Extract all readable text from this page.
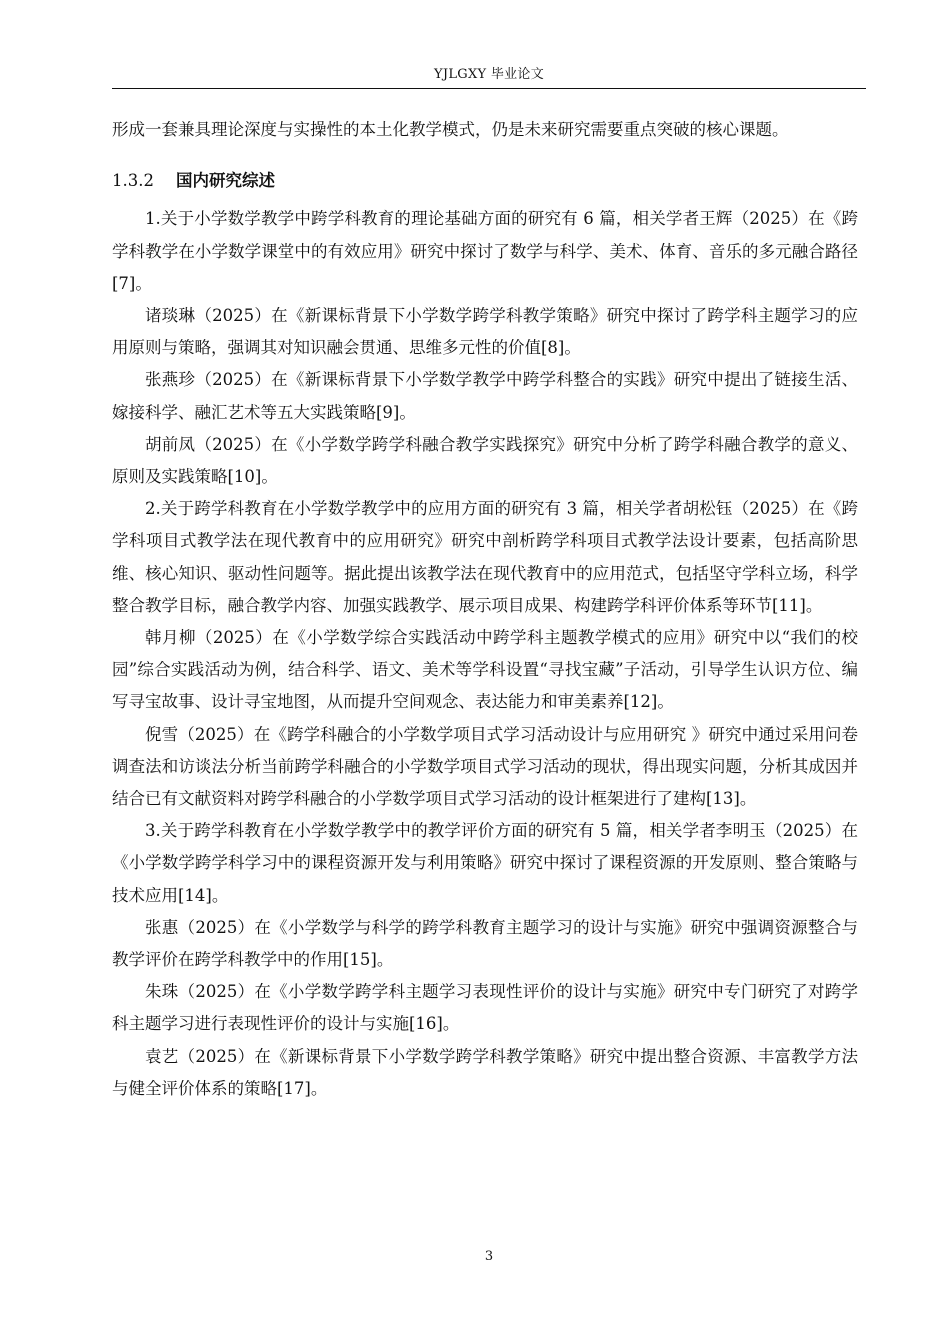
YJLGXY 毕业论文

形成一套兼具理论深度与实操性的本土化教学模式，仍是未来研究需要重点突破的核心课题。

1.3.2 国内研究综述

1.关于小学数学教学中跨学科教育的理论基础方面的研究有 6 篇，相关学者王辉（2025）在《跨学科教学在小学数学课堂中的有效应用》研究中探讨了数学与科学、美术、体育、音乐的多元融合路径[7]。

诸琰琳（2025）在《新课标背景下小学数学跨学科教学策略》研究中探讨了跨学科主题学习的应用原则与策略，强调其对知识融会贯通、思维多元性的价值[8]。

张燕珍（2025）在《新课标背景下小学数学教学中跨学科整合的实践》研究中提出了链接生活、嫁接科学、融汇艺术等五大实践策略[9]。

胡前凤（2025）在《小学数学跨学科融合教学实践探究》研究中分析了跨学科融合教学的意义、原则及实践策略[10]。

2.关于跨学科教育在小学数学教学中的应用方面的研究有 3 篇，相关学者胡松钰（2025）在《跨学科项目式教学法在现代教育中的应用研究》研究中剖析跨学科项目式教学法设计要素，包括高阶思维、核心知识、驱动性问题等。据此提出该教学法在现代教育中的应用范式，包括坚守学科立场，科学整合教学目标，融合教学内容、加强实践教学、展示项目成果、构建跨学科评价体系等环节[11]。

韩月柳（2025）在《小学数学综合实践活动中跨学科主题教学模式的应用》研究中以“我们的校园”综合实践活动为例，结合科学、语文、美术等学科设置“寻找宝藏”子活动，引导学生认识方位、编写寻宝故事、设计寻宝地图，从而提升空间观念、表达能力和审美素养[12]。

倪雪（2025）在《跨学科融合的小学数学项目式学习活动设计与应用研究 》研究中通过采用问卷调查法和访谈法分析当前跨学科融合的小学数学项目式学习活动的现状，得出现实问题，分析其成因并结合已有文献资料对跨学科融合的小学数学项目式学习活动的设计框架进行了建构[13]。

3.关于跨学科教育在小学数学教学中的教学评价方面的研究有 5 篇，相关学者李明玉（2025）在《小学数学跨学科学习中的课程资源开发与利用策略》研究中探讨了课程资源的开发原则、整合策略与技术应用[14]。

张惠（2025）在《小学数学与科学的跨学科教育主题学习的设计与实施》研究中强调资源整合与教学评价在跨学科教学中的作用[15]。

朱珠（2025）在《小学数学跨学科主题学习表现性评价的设计与实施》研究中专门研究了对跨学科主题学习进行表现性评价的设计与实施[16]。

袁艺（2025）在《新课标背景下小学数学跨学科教学策略》研究中提出整合资源、丰富教学方法与健全评价体系的策略[17]。

3
